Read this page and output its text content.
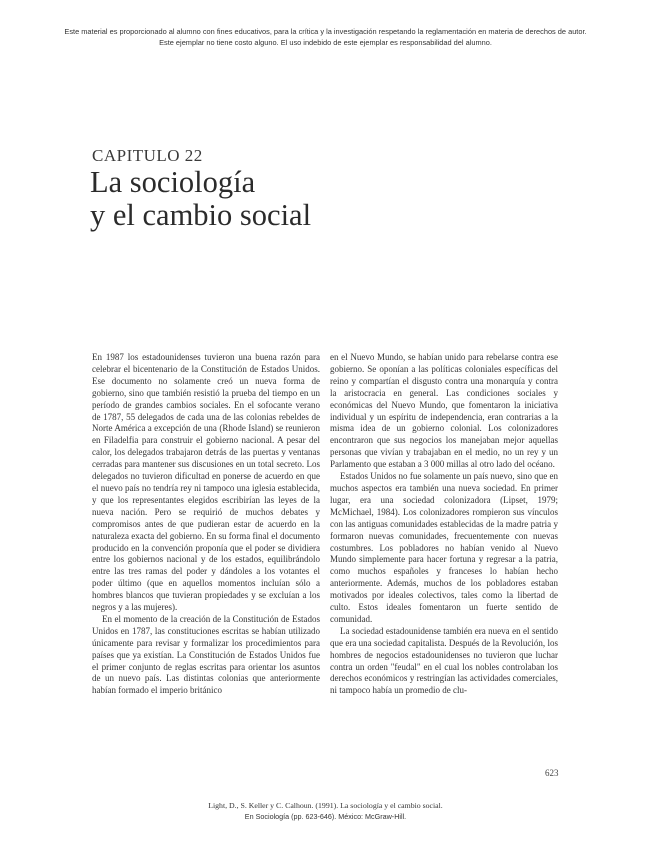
Este material es proporcionado al alumno con fines educativos, para la crítica y la investigación respetando la reglamentación en materia de derechos de autor.
Este ejemplar no tiene costo alguno. El uso indebido de este ejemplar es responsabilidad del alumno.
CAPITULO 22
La sociología
y el cambio social

En 1987 los estadounidenses tuvieron una buena razón para celebrar el bicentenario de la Constitución de Estados Unidos. Ese documento no solamente creó un nueva forma de gobierno, sino que también resistió la prueba del tiempo en un período de grandes cambios sociales. En el sofocante verano de 1787, 55 delegados de cada una de las colonias rebeldes de Norte América a excepción de una (Rhode Island) se reunieron en Filadelfia para construir el gobierno nacional. A pesar del calor, los delegados trabajaron detrás de las puertas y ventanas cerradas para mantener sus discusiones en un total secreto. Los delegados no tuvieron dificultad en ponerse de acuerdo en que el nuevo país no tendría rey ni tampoco una iglesia establecida, y que los representantes elegidos escribirían las leyes de la nueva nación. Pero se requirió de muchos debates y compromisos antes de que pudieran estar de acuerdo en la naturaleza exacta del gobierno. En su forma final el documento producido en la convención proponía que el poder se dividiera entre los gobiernos nacional y de los estados, equilibrándolo entre las tres ramas del poder y dándoles a los votantes el poder último (que en aquellos momentos incluían sólo a hombres blancos que tuvieran propiedades y se excluían a los negros y a las mujeres).

En el momento de la creación de la Constitución de Estados Unidos en 1787, las constituciones escritas se habían utilizado únicamente para revisar y formalizar los procedimientos para países que ya existían. La Constitución de Estados Unidos fue el primer conjunto de reglas escritas para orientar los asuntos de un nuevo país. Las distintas colonias que anteriormente habían formado el imperio británico

en el Nuevo Mundo, se habían unido para rebelarse contra ese gobierno. Se oponían a las políticas coloniales específicas del reino y compartían el disgusto contra una monarquía y contra la aristocracia en general. Las condiciones sociales y económicas del Nuevo Mundo, que fomentaron la iniciativa individual y un espíritu de independencia, eran contrarias a la misma idea de un gobierno colonial. Los colonizadores encontraron que sus negocios los manejaban mejor aquellas personas que vivían y trabajaban en el medio, no un rey y un Parlamento que estaban a 3 000 millas al otro lado del océano.

Estados Unidos no fue solamente un país nuevo, sino que en muchos aspectos era también una nueva sociedad. En primer lugar, era una sociedad colonizadora (Lipset, 1979; McMichael, 1984). Los colonizadores rompieron sus vínculos con las antiguas comunidades establecidas de la madre patria y formaron nuevas comunidades, frecuentemente con nuevas costumbres. Los pobladores no habían venido al Nuevo Mundo simplemente para hacer fortuna y regresar a la patria, como muchos españoles y franceses lo habían hecho anteriormente. Además, muchos de los pobladores estaban motivados por ideales colectivos, tales como la libertad de culto. Estos ideales fomentaron un fuerte sentido de comunidad.

La sociedad estadounidense también era nueva en el sentido que era una sociedad capitalista. Después de la Revolución, los hombres de negocios estadounidenses no tuvieron que luchar contra un orden "feudal" en el cual los nobles controlaban los derechos económicos y restringían las actividades comerciales, ni tampoco había un promedio de clu-

623
Light, D., S. Keller y C. Calhoun. (1991). La sociología y el cambio social.
En Sociología (pp. 623-646). México: McGraw-Hill.
